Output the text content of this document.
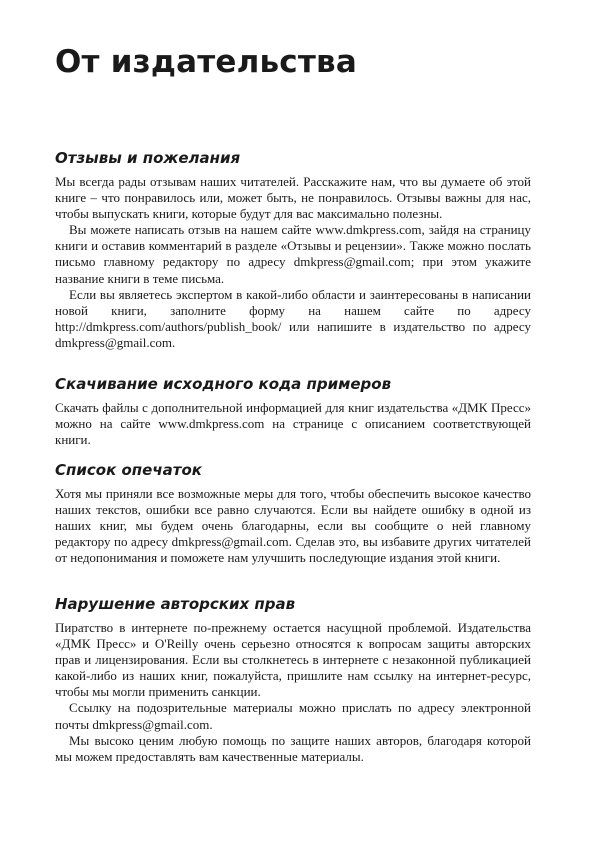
От издательства
Отзывы и пожелания

Мы всегда рады отзывам наших читателей. Расскажите нам, что вы думаете об этой книге – что понравилось или, может быть, не понравилось. Отзывы важны для нас, чтобы выпускать книги, которые будут для вас максимально полезны.

Вы можете написать отзыв на нашем сайте www.dmkpress.com, зайдя на страницу книги и оставив комментарий в разделе «Отзывы и рецензии». Также можно послать письмо главному редактору по адресу dmkpress@gmail.com; при этом укажите название книги в теме письма.

Если вы являетесь экспертом в какой-либо области и заинтересованы в написании новой книги, заполните форму на нашем сайте по адресу http://dmkpress.com/authors/publish_book/ или напишите в издательство по адресу dmkpress@gmail.com.

Скачивание исходного кода примеров

Скачать файлы с дополнительной информацией для книг издательства «ДМК Пресс» можно на сайте www.dmkpress.com на странице с описанием соответствующей книги.

Список опечаток

Хотя мы приняли все возможные меры для того, чтобы обеспечить высокое качество наших текстов, ошибки все равно случаются. Если вы найдете ошибку в одной из наших книг, мы будем очень благодарны, если вы сообщите о ней главному редактору по адресу dmkpress@gmail.com. Сделав это, вы избавите других читателей от недопонимания и поможете нам улучшить последующие издания этой книги.

Нарушение авторских прав

Пиратство в интернете по-прежнему остается насущной проблемой. Издательства «ДМК Пресс» и O'Reilly очень серьезно относятся к вопросам защиты авторских прав и лицензирования. Если вы столкнетесь в интернете с незаконной публикацией какой-либо из наших книг, пожалуйста, пришлите нам ссылку на интернет-ресурс, чтобы мы могли применить санкции.

Ссылку на подозрительные материалы можно прислать по адресу электронной почты dmkpress@gmail.com.

Мы высоко ценим любую помощь по защите наших авторов, благодаря которой мы можем предоставлять вам качественные материалы.
